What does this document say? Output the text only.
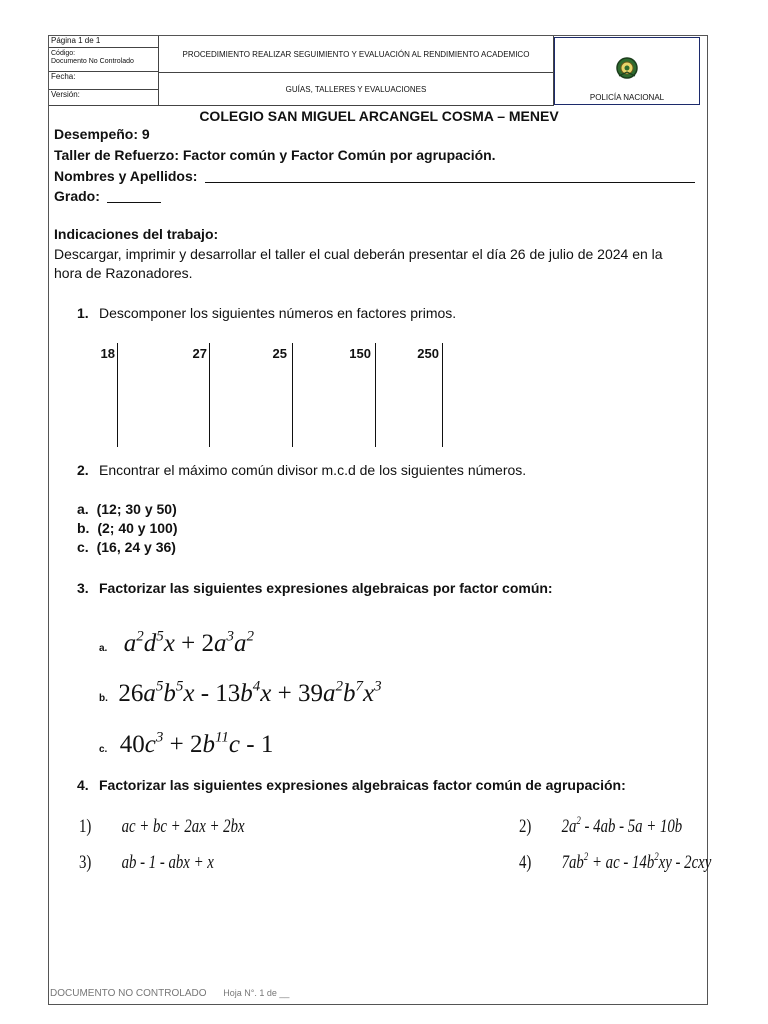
Página 1 de 1
Código:
Documento No Controlado
Fecha:
Versión:
PROCEDIMIENTO REALIZAR SEGUIMIENTO Y EVALUACIÓN AL RENDIMIENTO ACADEMICO
GUÍAS, TALLERES Y EVALUACIONES
POLICÍA NACIONAL
COLEGIO SAN MIGUEL ARCANGEL COSMA – MENEV
Desempeño: 9
Taller de Refuerzo: Factor común y Factor Común por agrupación.
Nombres y Apellidos:
Grado:
Indicaciones del trabajo:
Descargar, imprimir y desarrollar el taller el cual deberán presentar el día 26 de julio de 2024 en la
hora de Razonadores.
1. Descomponer los siguientes números en factores primos.
18	27	25	150	250
2. Encontrar el máximo común divisor m.c.d de los siguientes números.
a. (12; 30 y 50)
b. (2; 40 y 100)
c. (16, 24 y 36)
3. Factorizar las siguientes expresiones algebraicas por factor común:
a. $a^2d^5x + 2a^3a^2$
b. $26a^5b^5x - 13b^4x + 39a^2b^7x^3$
c. $40c^3 + 2b^{11}c - 1$
4. Factorizar las siguientes expresiones algebraicas factor común de agrupación:
1) ac + bc + 2ax + 2bx	2) $2a^2 - 4ab - 5a + 10b$
3) ab - 1 - abx + x	4) $7ab^2$ + ac - $14b^2xy - 2cxy$
DOCUMENTO NO CONTROLADO Hoja N°. 1 de __
